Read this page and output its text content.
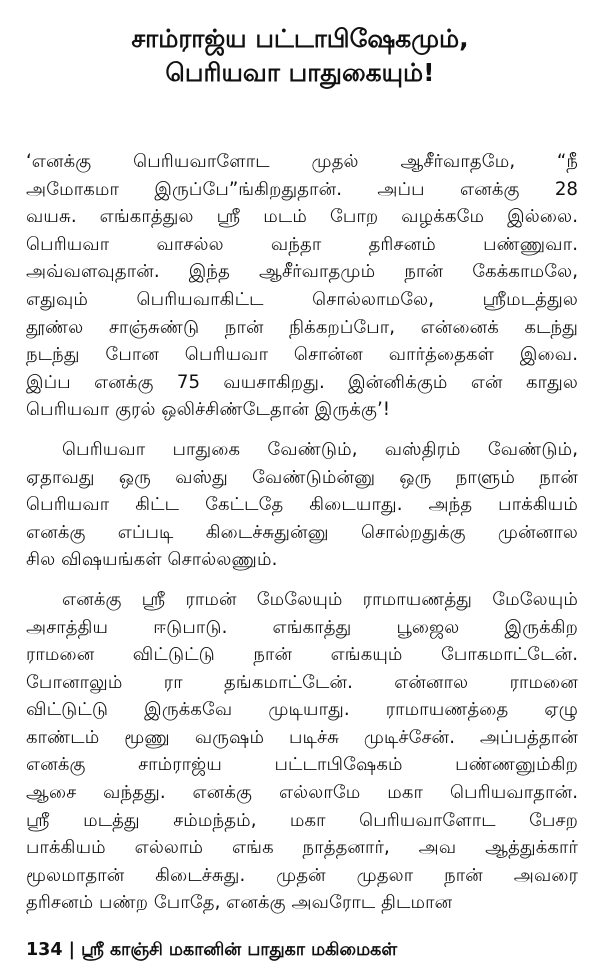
சாம்ராஜ்ய பட்டாபிஷேகமும்,
பெரியவா பாதுகையும்!
‘எனக்கு பெரியவாளோட முதல் ஆசீர்வாதமே, “நீ
அமோகமா இருப்பே”ங்கிறதுதான். அப்ப எனக்கு 28
வயசு. எங்காத்துல ஸ்ரீ மடம் போற வழக்கமே இல்லை.
பெரியவா வாசல்ல வந்தா தரிசனம் பண்ணுவா.
அவ்வளவுதான். இந்த ஆசீர்வாதமும் நான் கேக்காமலே,
எதுவும் பெரியவாகிட்ட சொல்லாமலே, ஸ்ரீமடத்துல
தூண்ல சாஞ்சுண்டு நான் நிக்கறப்போ, என்னைக் கடந்து
நடந்து போன பெரியவா சொன்ன வார்த்தைகள் இவை.
இப்ப எனக்கு 75 வயசாகிறது. இன்னிக்கும் என் காதுல
பெரியவா குரல் ஒலிச்சிண்டேதான் இருக்கு’!
பெரியவா பாதுகை வேண்டும், வஸ்திரம் வேண்டும்,
ஏதாவது ஒரு வஸ்து வேண்டும்ன்னு ஒரு நாளும் நான்
பெரியவா கிட்ட கேட்டதே கிடையாது. அந்த பாக்கியம்
எனக்கு எப்படி கிடைச்சுதுன்னு சொல்றதுக்கு முன்னால
சில விஷயங்கள் சொல்லணும்.
எனக்கு ஸ்ரீ ராமன் மேலேயும் ராமாயணத்து மேலேயும்
அசாத்திய ஈடுபாடு. எங்காத்து பூஜைல இருக்கிற
ராமனை விட்டுட்டு நான் எங்கயும் போகமாட்டேன்.
போனாலும் ரா தங்கமாட்டேன். என்னால ராமனை
விட்டுட்டு இருக்கவே முடியாது. ராமாயணத்தை ஏழு
காண்டம் மூணு வருஷம் படிச்சு முடிச்சேன். அப்பத்தான்
எனக்கு சாம்ராஜ்ய பட்டாபிஷேகம் பண்ணனும்கிற
ஆசை வந்தது. எனக்கு எல்லாமே மகா பெரியவாதான்.
ஸ்ரீ மடத்து சம்மந்தம், மகா பெரியவாளோட பேசற
பாக்கியம் எல்லாம் எங்க நாத்தனார், அவ ஆத்துக்கார்
மூலமாதான் கிடைச்சுது. முதன் முதலா நான் அவரை
தரிசனம் பண்ற போதே, எனக்கு அவரோட திடமான
134 | ஸ்ரீ காஞ்சி மகானின் பாதுகா மகிமைகள்
